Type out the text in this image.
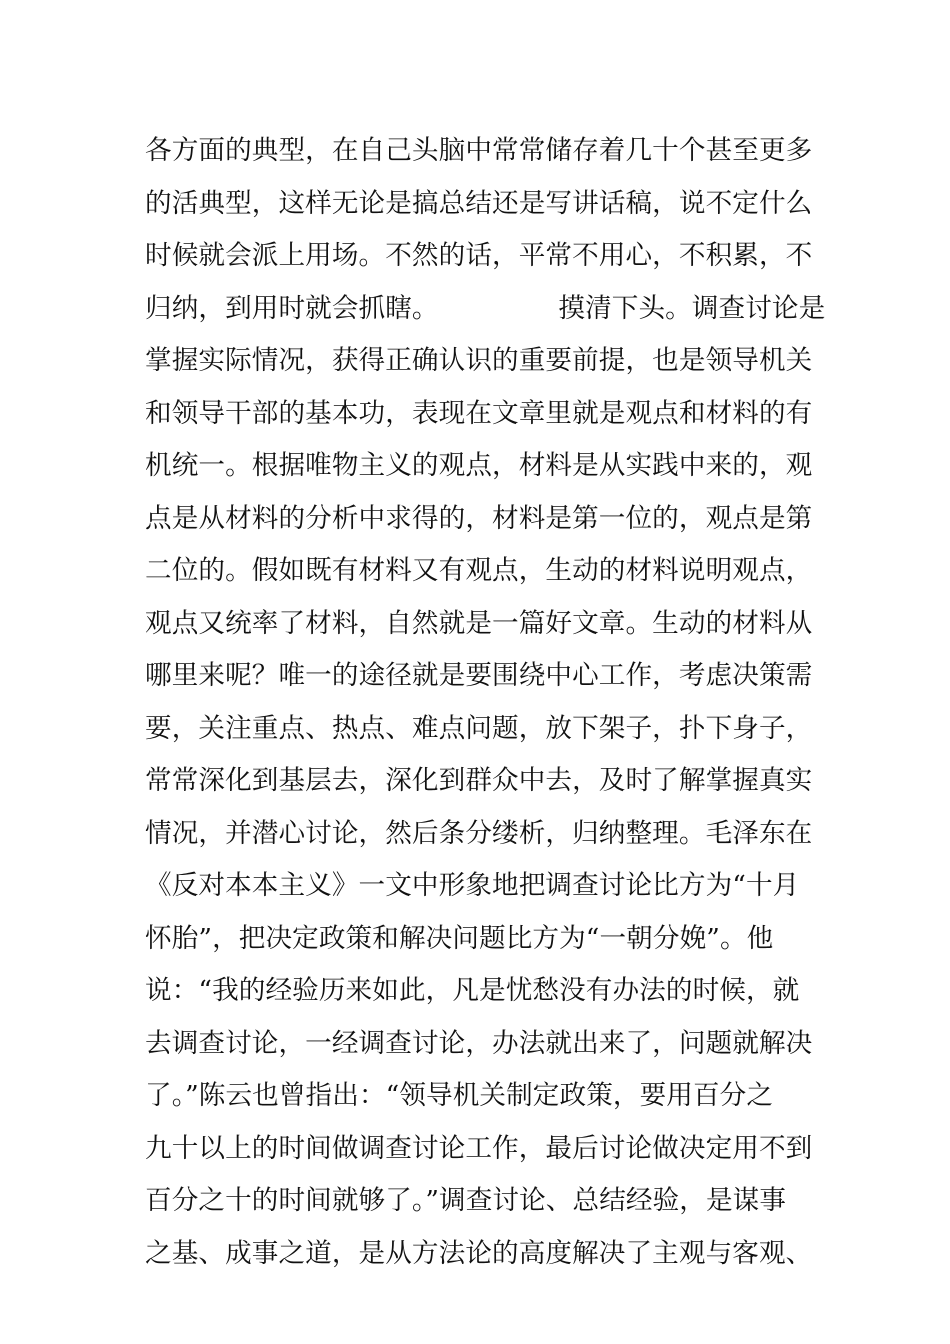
各方面的典型，在自己头脑中常常储存着几十个甚至更多
的活典型，这样无论是搞总结还是写讲话稿，说不定什么
时候就会派上用场。不然的话，平常不用心，不积累，不
归纳，到用时就会抓瞎。              摸清下头。调查讨论是
掌握实际情况，获得正确认识的重要前提，也是领导机关
和领导干部的基本功，表现在文章里就是观点和材料的有
机统一。根据唯物主义的观点，材料是从实践中来的，观
点是从材料的分析中求得的，材料是第一位的，观点是第
二位的。假如既有材料又有观点，生动的材料说明观点，
观点又统率了材料，自然就是一篇好文章。生动的材料从
哪里来呢？唯一的途径就是要围绕中心工作，考虑决策需
要，关注重点、热点、难点问题，放下架子，扑下身子，
常常深化到基层去，深化到群众中去，及时了解掌握真实
情况，并潜心讨论，然后条分缕析，归纳整理。毛泽东在
《反对本本主义》一文中形象地把调查讨论比方为“十月
怀胎”，把决定政策和解决问题比方为“一朝分娩”。他
说：“我的经验历来如此，凡是忧愁没有办法的时候，就
去调查讨论，一经调查讨论，办法就出来了，问题就解决
了。”陈云也曾指出：“领导机关制定政策，要用百分之
九十以上的时间做调查讨论工作，最后讨论做决定用不到
百分之十的时间就够了。”调查讨论、总结经验，是谋事
之基、成事之道，是从方法论的高度解决了主观与客观、
